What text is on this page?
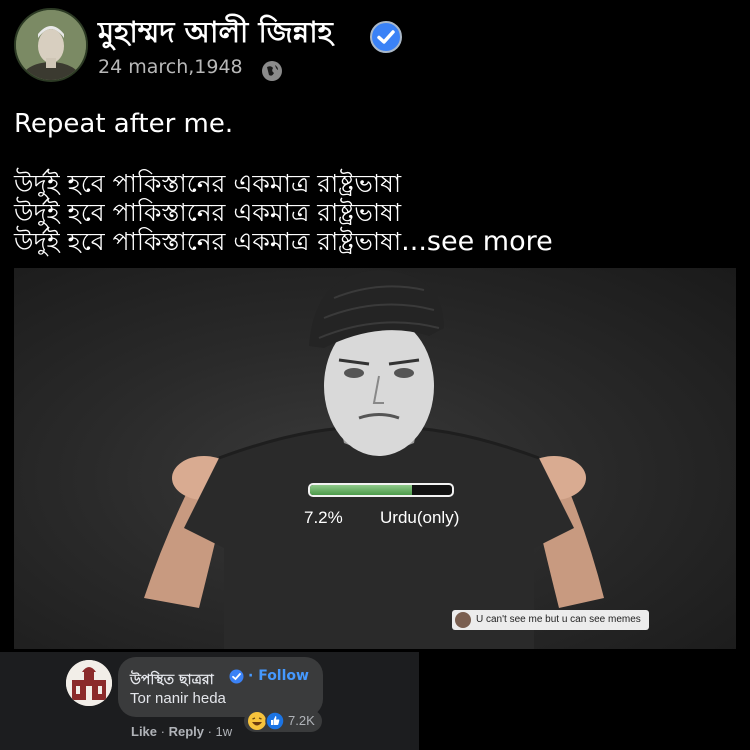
মুহাম্মদ আলী জিন্নাহ
24 march,1948

Repeat after me.

উর্দুই হবে পাকিস্তানের একমাত্র রাষ্ট্রভাষা

উর্দুই হবে পাকিস্তানের একমাত্র রাষ্ট্রভাষা

উর্দুই হবে পাকিস্তানের একমাত্র রাষ্ট্রভাষা...see more

7.2% Urdu(only)
U can't see me but u can see memes
উপস্থিত ছাত্ররা · Follow
Tor nanir heda
Like · Reply · 1w
7.2K
